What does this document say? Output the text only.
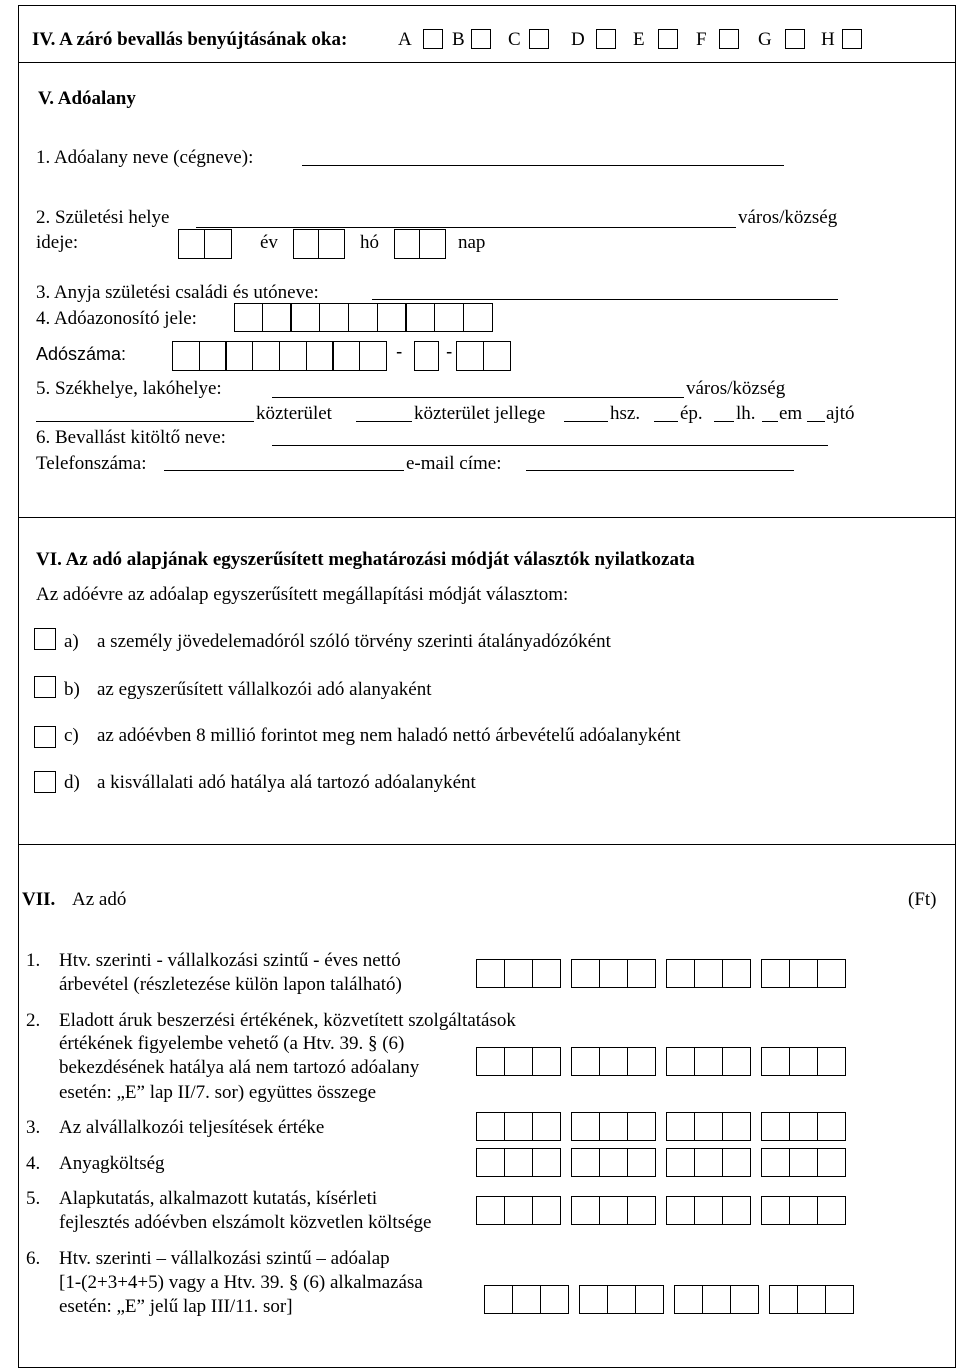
IV. A záró bevallás benyújtásának oka:	A B C	D	E	F	G	H
V. Adóalany
1. Adóalany neve (cégneve):
2. Születési helye	város/község
ideje:	év	hó	nap
3. Anyja születési családi és utóneve:
4. Adóazonosító jele:
Adószáma:	- -
5. Székhelye, lakóhelye:	város/község
közterület	közterület jellege	hsz. ép. lh. em ajtó
6. Bevallást kitöltő neve:
Telefonszáma:	e-mail címe:
VI. Az adó alapjának egyszerűsített meghatározási módját választók nyilatkozata
Az adóévre az adóalap egyszerűsített megállapítási módját választom:
a) a személy jövedelemadóról szóló törvény szerinti átalányadózóként
b) az egyszerűsített vállalkozói adó alanyaként
c) az adóévben 8 millió forintot meg nem haladó nettó árbevételű adóalanyként
d) a kisvállalati adó hatálya alá tartozó adóalanyként
VII. Az adó	(Ft)
1. Htv. szerinti - vállalkozási szintű - éves nettó
árbevétel (részletezése külön lapon található)
2. Eladott áruk beszerzési értékének, közvetített szolgáltatások
értékének figyelembe vehető (a Htv. 39. § (6)
bekezdésének hatálya alá nem tartozó adóalany
esetén: „E” lap II/7. sor) együttes összege
3. Az alvállalkozói teljesítések értéke
4. Anyagköltség
5. Alapkutatás, alkalmazott kutatás, kísérleti
fejlesztés adóévben elszámolt közvetlen költsége
6. Htv. szerinti – vállalkozási szintű – adóalap
[1-(2+3+4+5) vagy a Htv. 39. § (6) alkalmazása
esetén: „E” jelű lap III/11. sor]
